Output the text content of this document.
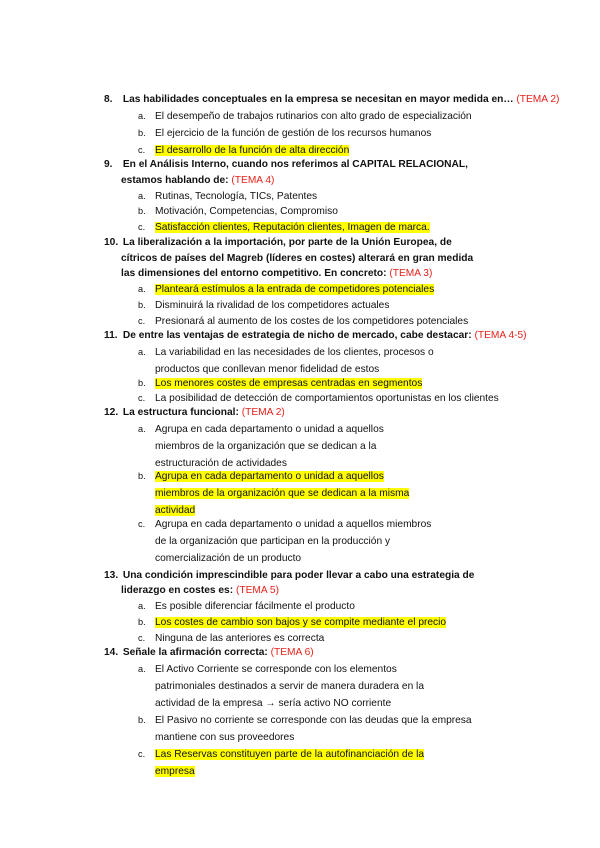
8. Las habilidades conceptuales en la empresa se necesitan en mayor medida en… (TEMA 2)
a. El desempeño de trabajos rutinarios con alto grado de especialización
b. El ejercicio de la función de gestión de los recursos humanos
c. El desarrollo de la función de alta dirección
9. En el Análisis Interno, cuando nos referimos al CAPITAL RELACIONAL,
estamos hablando de: (TEMA 4)
a. Rutinas, Tecnología, TICs, Patentes
b. Motivación, Competencias, Compromiso
c. Satisfacción clientes, Reputación clientes, Imagen de marca.
10. La liberalización a la importación, por parte de la Unión Europea, de
cítricos de países del Magreb (líderes en costes) alterará en gran medida
las dimensiones del entorno competitivo. En concreto: (TEMA 3)
a. Planteará estímulos a la entrada de competidores potenciales
b. Disminuirá la rivalidad de los competidores actuales
c. Presionará al aumento de los costes de los competidores potenciales
11. De entre las ventajas de estrategia de nicho de mercado, cabe destacar: (TEMA 4-5)
a. La variabilidad en las necesidades de los clientes, procesos o
productos que conllevan menor fidelidad de estos
b. Los menores costes de empresas centradas en segmentos
c. La posibilidad de detección de comportamientos oportunistas en los clientes
12. La estructura funcional: (TEMA 2)
a. Agrupa en cada departamento o unidad a aquellos
miembros de la organización que se dedican a la
estructuración de actividades
b. Agrupa en cada departamento o unidad a aquellos
miembros de la organización que se dedican a la misma
actividad
c. Agrupa en cada departamento o unidad a aquellos miembros
de la organización que participan en la producción y
comercialización de un producto
13. Una condición imprescindible para poder llevar a cabo una estrategia de
liderazgo en costes es: (TEMA 5)
a. Es posible diferenciar fácilmente el producto
b. Los costes de cambio son bajos y se compite mediante el precio
c. Ninguna de las anteriores es correcta
14. Señale la afirmación correcta: (TEMA 6)
a. El Activo Corriente se corresponde con los elementos
patrimoniales destinados a servir de manera duradera en la
actividad de la empresa → sería activo NO corriente
b. El Pasivo no corriente se corresponde con las deudas que la empresa
mantiene con sus proveedores
c. Las Reservas constituyen parte de la autofinanciación de la
empresa
